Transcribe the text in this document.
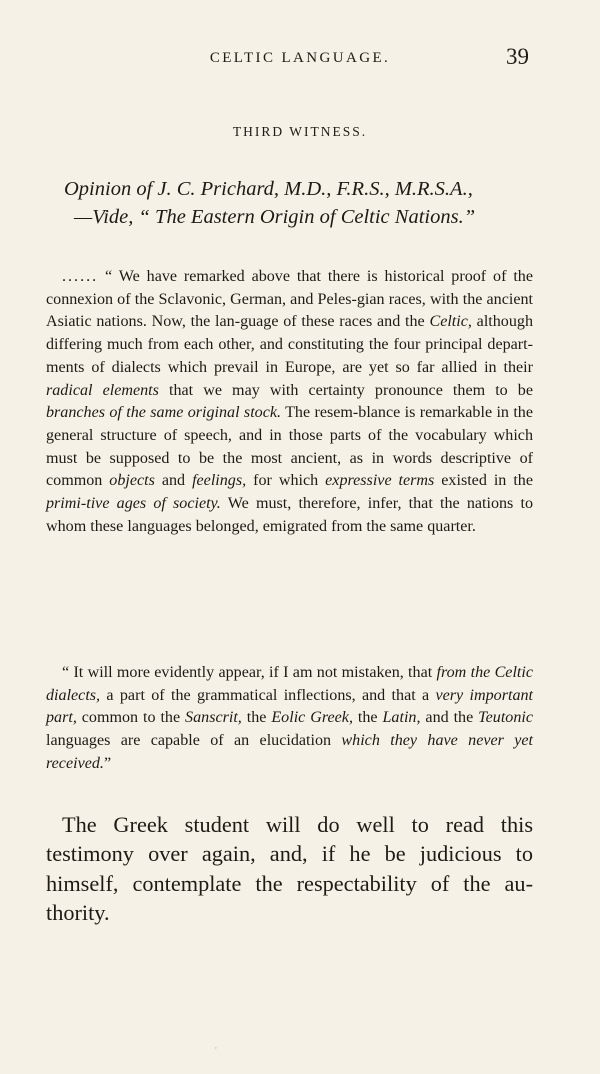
CELTIC LANGUAGE.	39
THIRD WITNESS.
Opinion of J. C. Prichard, M.D., F.R.S., M.R.S.A.,
—Vide, “ The Eastern Origin of Celtic Nations.”

...... “ We have remarked above that there is historical proof of the connexion of the Sclavonic, German, and Peles-gian races, with the ancient Asiatic nations. Now, the lan-guage of these races and the Celtic, although differing much from each other, and constituting the four principal depart-ments of dialects which prevail in Europe, are yet so far allied in their radical elements that we may with certainty pronounce them to be branches of the same original stock. The resem-blance is remarkable in the general structure of speech, and in those parts of the vocabulary which must be supposed to be the most ancient, as in words descriptive of common objects and feelings, for which expressive terms existed in the primi-tive ages of society. We must, therefore, infer, that the nations to whom these languages belonged, emigrated from the same quarter.

“ It will more evidently appear, if I am not mistaken, that from the Celtic dialects, a part of the grammatical inflections, and that a very important part, common to the Sanscrit, the Eolic Greek, the Latin, and the Teutonic languages are capable of an elucidation which they have never yet received.”

The Greek student will do well to read this testimony over again, and, if he be judicious to himself, contemplate the respectability of the au-thority.

'
